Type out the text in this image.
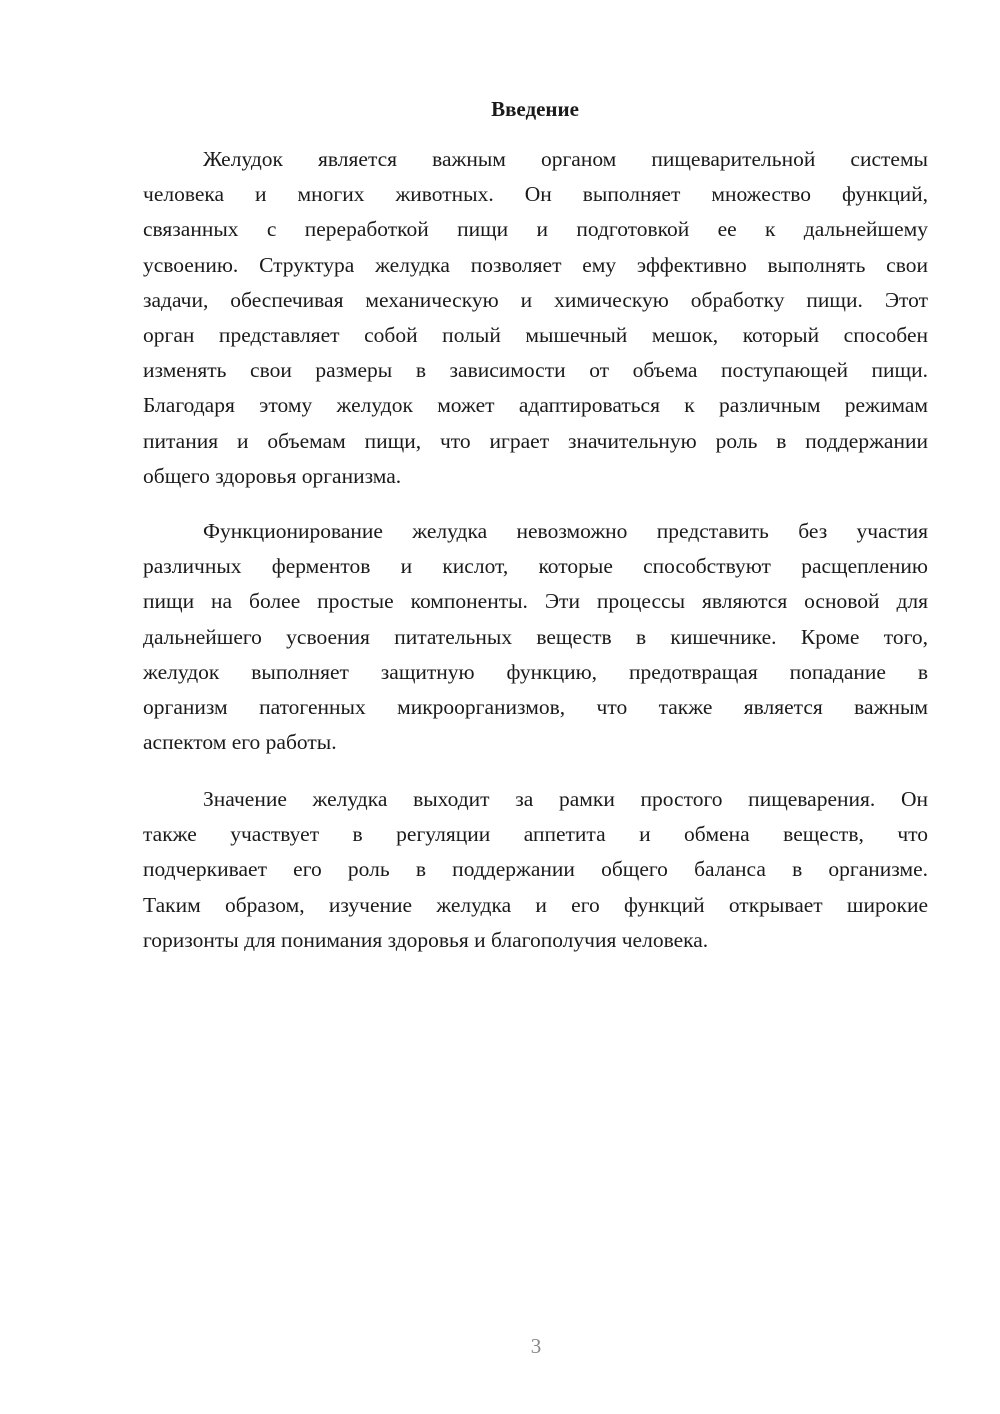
Введение
Желудок является важным органом пищеварительной системы
человека и многих животных. Он выполняет множество функций,
связанных с переработкой пищи и подготовкой ее к дальнейшему
усвоению. Структура желудка позволяет ему эффективно выполнять свои
задачи, обеспечивая механическую и химическую обработку пищи. Этот
орган представляет собой полый мышечный мешок, который способен
изменять свои размеры в зависимости от объема поступающей пищи.
Благодаря этому желудок может адаптироваться к различным режимам
питания и объемам пищи, что играет значительную роль в поддержании
общего здоровья организма.
Функционирование желудка невозможно представить без участия
различных ферментов и кислот, которые способствуют расщеплению
пищи на более простые компоненты. Эти процессы являются основой для
дальнейшего усвоения питательных веществ в кишечнике. Кроме того,
желудок выполняет защитную функцию, предотвращая попадание в
организм патогенных микроорганизмов, что также является важным
аспектом его работы.
Значение желудка выходит за рамки простого пищеварения. Он
также участвует в регуляции аппетита и обмена веществ, что
подчеркивает его роль в поддержании общего баланса в организме.
Таким образом, изучение желудка и его функций открывает широкие
горизонты для понимания здоровья и благополучия человека.
3
